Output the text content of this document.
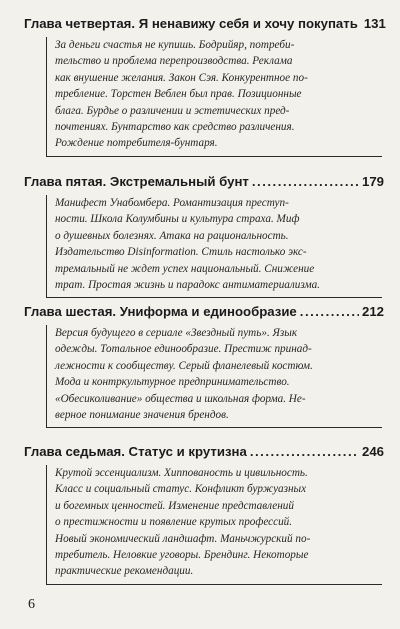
Глава четвертая. Я ненавижу себя и хочу покупать 131
За деньги счастья не купишь. Бодрийяр, потреби-
тельство и проблема перепроизводства. Реклама
как внушение желания. Закон Сэя. Конкурентное по-
требление. Торстен Веблен был прав. Позиционные
блага. Бурдье о различении и эстетических пред-
почтениях. Бунтарство как средство различения.
Рождение потребителя-бунтаря.
Глава пятая. Экстремальный бунт .....	179
Манифест Унабомбера. Романтизация преступ-
ности. Школа Колумбины и культура страха. Миф
о душевных болезнях. Атака на рациональность.
Издательство Disinformation. Стиль настолько экс-
тремальный не ждет успех национальный. Снижение
трат. Простая жизнь и парадокс антиматериализма.
Глава шестая. Униформа и единообразие .....	212
Версия будущего в сериале «Звездный путь». Язык
одежды. Тотальное единообразие. Престиж принад-
лежности к сообществу. Серый фланелевый костюм.
Мода и контркультурное предпринимательство.
«Обесиколивание» общества и школьная форма. Не-
верное понимание значения брендов.
Глава седьмая. Статус и крутизна .....	246
Крутой эссенциализм. Хиппованость и цивильность.
Класс и социальный статус. Конфликт буржуазных
и богемных ценностей. Изменение представлений
о престижности и появление крутых профессий.
Новый экономический ландшафт. Маньчжурский по-
требитель. Неловкие уговоры. Брендинг. Некоторые
практические рекомендации.
6
